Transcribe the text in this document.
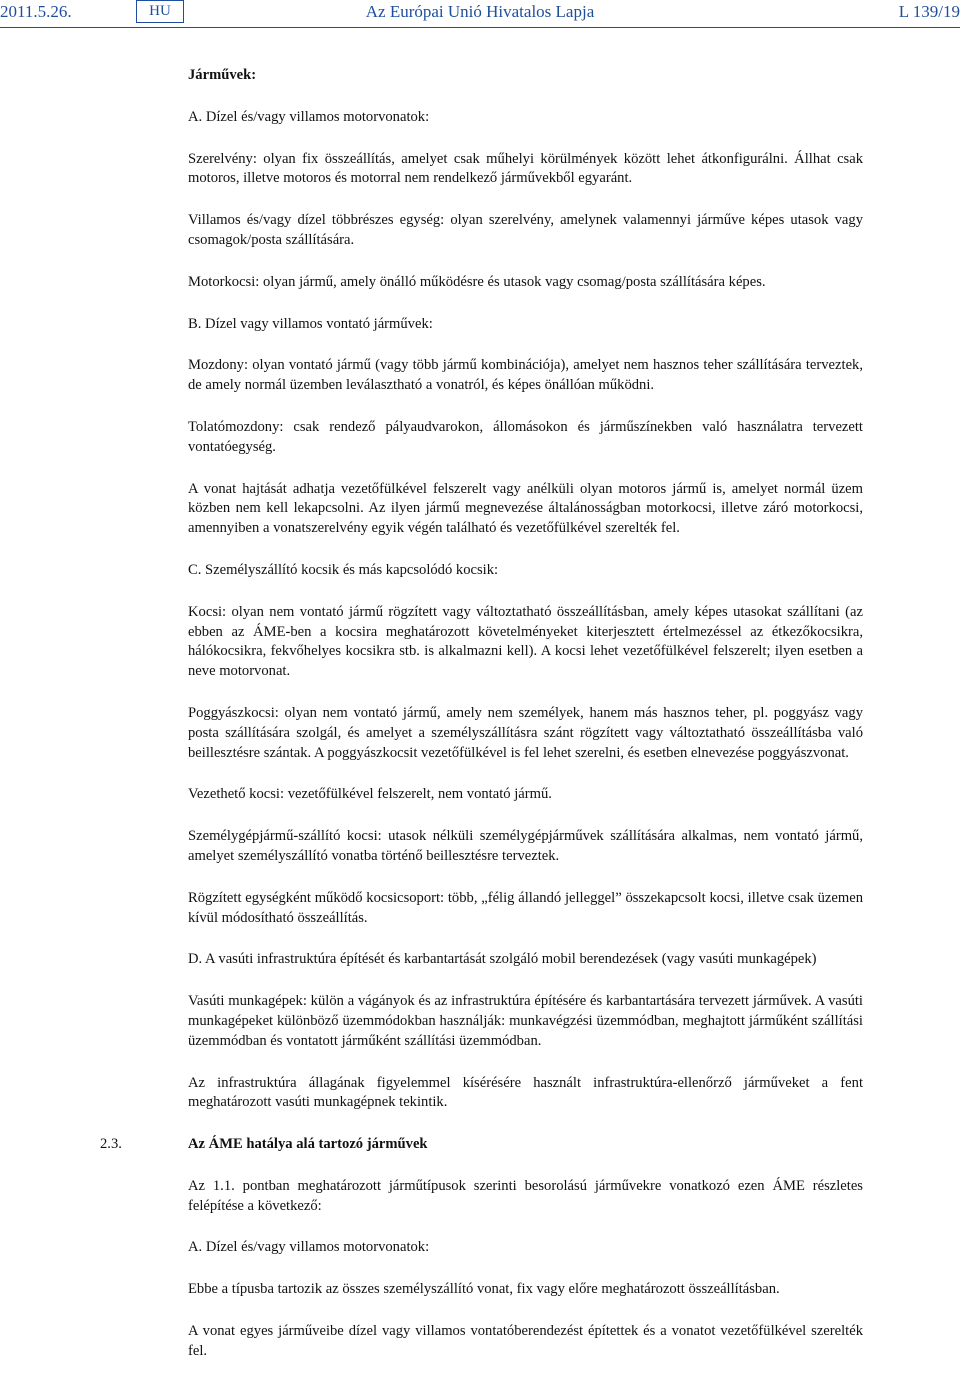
2011.5.26.	HU	Az Európai Unió Hivatalos Lapja	L 139/19

Járművek:

A. Dízel és/vagy villamos motorvonatok:

Szerelvény: olyan fix összeállítás, amelyet csak műhelyi körülmények között lehet átkonfigurálni. Állhat csak motoros, illetve motoros és motorral nem rendelkező járművekből egyaránt.

Villamos és/vagy dízel többrészes egység: olyan szerelvény, amelynek valamennyi járműve képes utasok vagy csomagok/posta szállítására.

Motorkocsi: olyan jármű, amely önálló működésre és utasok vagy csomag/posta szállítására képes.

B. Dízel vagy villamos vontató járművek:

Mozdony: olyan vontató jármű (vagy több jármű kombinációja), amelyet nem hasznos teher szállítására terveztek, de amely normál üzemben leválasztható a vonatról, és képes önállóan működni.

Tolatómozdony: csak rendező pályaudvarokon, állomásokon és járműszínekben való használatra tervezett vontatóegység.

A vonat hajtását adhatja vezetőfülkével felszerelt vagy anélküli olyan motoros jármű is, amelyet normál üzem közben nem kell lekapcsolni. Az ilyen jármű megnevezése általánosságban motorkocsi, illetve záró motorkocsi, amennyiben a vonatszerelvény egyik végén található és vezetőfülkével szerelték fel.

C. Személyszállító kocsik és más kapcsolódó kocsik:

Kocsi: olyan nem vontató jármű rögzített vagy változtatható összeállításban, amely képes utasokat szállítani (az ebben az ÁME-ben a kocsira meghatározott követelményeket kiterjesztett értelmezéssel az étkezőkocsikra, hálókocsikra, fekvőhelyes kocsikra stb. is alkalmazni kell). A kocsi lehet vezetőfülkével felszerelt; ilyen esetben a neve motorvonat.

Poggyászkocsi: olyan nem vontató jármű, amely nem személyek, hanem más hasznos teher, pl. poggyász vagy posta szállítására szolgál, és amelyet a személyszállításra szánt rögzített vagy változtatható összeállításba való beillesztésre szántak. A poggyászkocsit vezetőfülkével is fel lehet szerelni, és esetben elnevezése poggyászvonat.

Vezethető kocsi: vezetőfülkével felszerelt, nem vontató jármű.

Személygépjármű-szállító kocsi: utasok nélküli személygépjárművek szállítására alkalmas, nem vontató jármű, amelyet személyszállító vonatba történő beillesztésre terveztek.

Rögzített egységként működő kocsicsoport: több, „félig állandó jelleggel” összekapcsolt kocsi, illetve csak üzemen kívül módosítható összeállítás.

D. A vasúti infrastruktúra építését és karbantartását szolgáló mobil berendezések (vagy vasúti munkagépek)

Vasúti munkagépek: külön a vágányok és az infrastruktúra építésére és karbantartására tervezett járművek. A vasúti munkagépeket különböző üzemmódokban használják: munkavégzési üzemmódban, meghajtott járműként szállítási üzemmódban és vontatott járműként szállítási üzemmódban.

Az infrastruktúra állagának figyelemmel kísérésére használt infrastruktúra-ellenőrző járműveket a fent meghatározott vasúti munkagépnek tekintik.

2.3.	Az ÁME hatálya alá tartozó járművek

Az 1.1. pontban meghatározott járműtípusok szerinti besorolású járművekre vonatkozó ezen ÁME részletes felépítése a következő:

A. Dízel és/vagy villamos motorvonatok:

Ebbe a típusba tartozik az összes személyszállító vonat, fix vagy előre meghatározott összeállításban.

A vonat egyes járműveibe dízel vagy villamos vontatóberendezést építettek és a vonatot vezetőfülkével szerelték fel.
